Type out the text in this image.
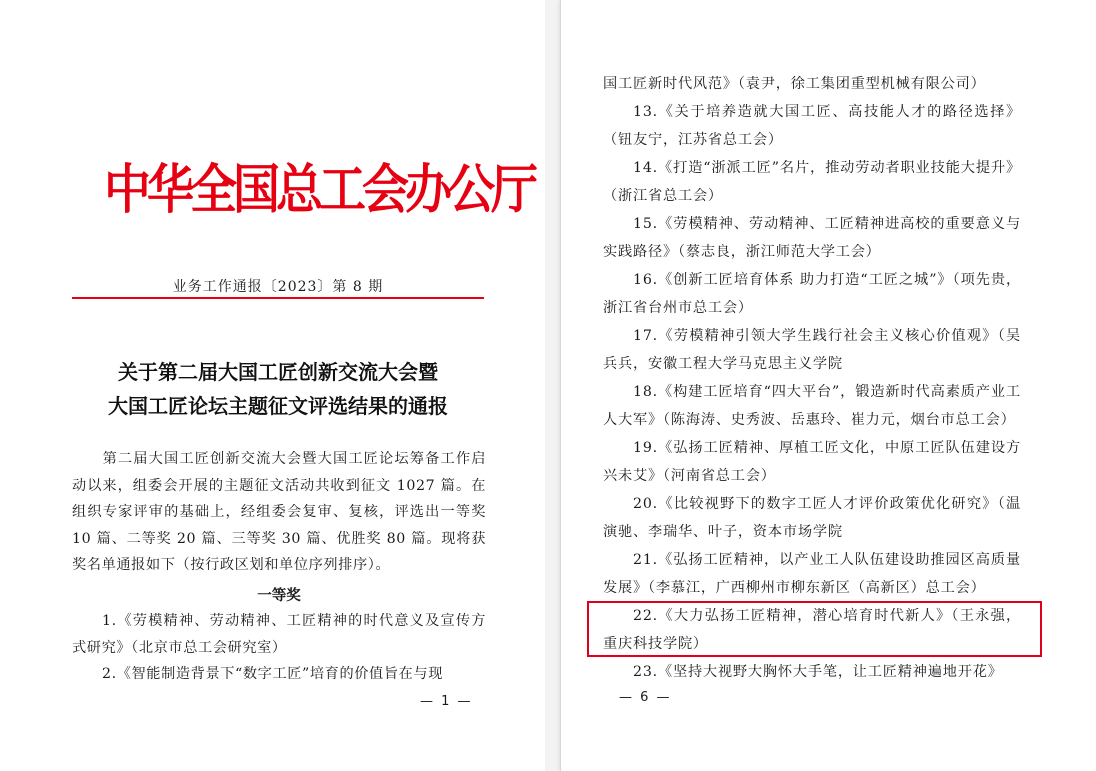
中华全国总工会办公厅
业务工作通报〔2023〕第 8 期
关于第二届大国工匠创新交流大会暨
大国工匠论坛主题征文评选结果的通报
第二届大国工匠创新交流大会暨大国工匠论坛筹备工作启动以来，组委会开展的主题征文活动共收到征文 1027 篇。在组织专家评审的基础上，经组委会复审、复核，评选出一等奖 10 篇、二等奖 20 篇、三等奖 30 篇、优胜奖 80 篇。现将获奖名单通报如下（按行政区划和单位序列排序）。
一等奖
1.《劳模精神、劳动精神、工匠精神的时代意义及宣传方式研究》（北京市总工会研究室）
2.《智能制造背景下“数字工匠”培育的价值旨在与现
— 1 —

国工匠新时代风范》（袁尹，徐工集团重型机械有限公司）

13.《关于培养造就大国工匠、高技能人才的路径选择》（钮友宁，江苏省总工会）

14.《打造“浙派工匠”名片，推动劳动者职业技能大提升》（浙江省总工会）

15.《劳模精神、劳动精神、工匠精神进高校的重要意义与实践路径》（蔡志良，浙江师范大学工会）

16.《创新工匠培育体系 助力打造“工匠之城”》（项先贵，浙江省台州市总工会）

17.《劳模精神引领大学生践行社会主义核心价值观》（吴兵兵，安徽工程大学马克思主义学院

18.《构建工匠培育“四大平台”，锻造新时代高素质产业工人大军》（陈海涛、史秀波、岳惠玲、崔力元，烟台市总工会）

19.《弘扬工匠精神、厚植工匠文化，中原工匠队伍建设方兴未艾》（河南省总工会）

20.《比较视野下的数字工匠人才评价政策优化研究》（温演驰、李瑞华、叶子，资本市场学院

21.《弘扬工匠精神，以产业工人队伍建设助推园区高质量发展》（李慕江，广西柳州市柳东新区（高新区）总工会）

22.《大力弘扬工匠精神，潜心培育时代新人》（王永强，重庆科技学院）

23.《坚持大视野大胸怀大手笔，让工匠精神遍地开花》

— 6 —
